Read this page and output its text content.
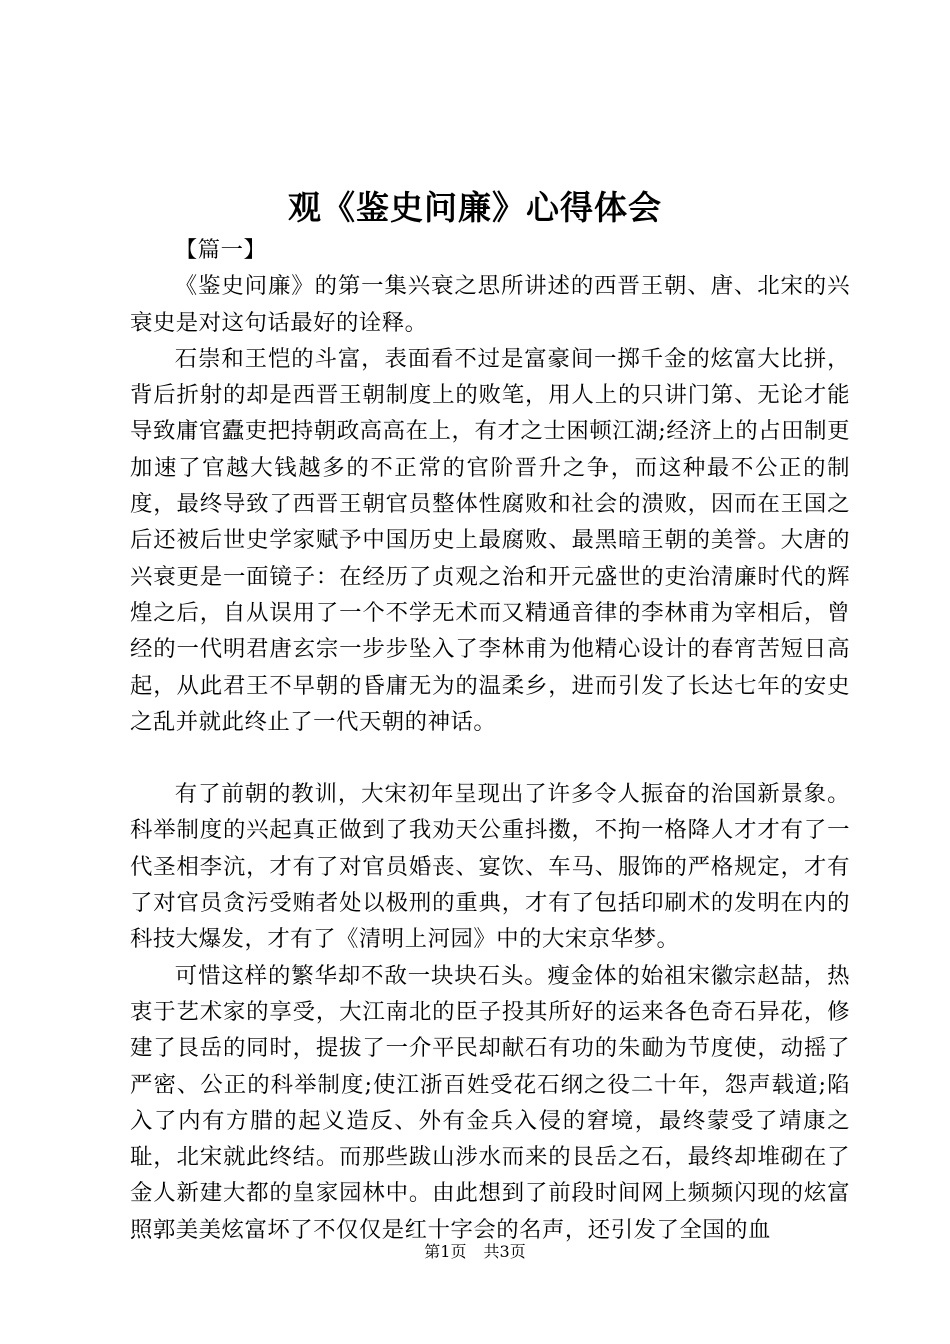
观《鉴史问廉》心得体会

【篇一】

《鉴史问廉》的第一集兴衰之思所讲述的西晋王朝、唐、北宋的兴衰史是对这句话最好的诠释。

石崇和王恺的斗富，表面看不过是富豪间一掷千金的炫富大比拼，背后折射的却是西晋王朝制度上的败笔，用人上的只讲门第、无论才能导致庸官蠹吏把持朝政高高在上，有才之士困顿江湖;经济上的占田制更加速了官越大钱越多的不正常的官阶晋升之争，而这种最不公正的制度，最终导致了西晋王朝官员整体性腐败和社会的溃败，因而在王国之后还被后世史学家赋予中国历史上最腐败、最黑暗王朝的美誉。大唐的兴衰更是一面镜子：在经历了贞观之治和开元盛世的吏治清廉时代的辉煌之后，自从误用了一个不学无术而又精通音律的李林甫为宰相后，曾经的一代明君唐玄宗一步步坠入了李林甫为他精心设计的春宵苦短日高起，从此君王不早朝的昏庸无为的温柔乡，进而引发了长达七年的安史之乱并就此终止了一代天朝的神话。

有了前朝的教训，大宋初年呈现出了许多令人振奋的治国新景象。科举制度的兴起真正做到了我劝天公重抖擞，不拘一格降人才才有了一代圣相李沆，才有了对官员婚丧、宴饮、车马、服饰的严格规定，才有了对官员贪污受贿者处以极刑的重典，才有了包括印刷术的发明在内的科技大爆发，才有了《清明上河园》中的大宋京华梦。

可惜这样的繁华却不敌一块块石头。瘦金体的始祖宋徽宗赵喆，热衷于艺术家的享受，大江南北的臣子投其所好的运来各色奇石异花，修建了艮岳的同时，提拔了一介平民却献石有功的朱勔为节度使，动摇了严密、公正的科举制度;使江浙百姓受花石纲之役二十年，怨声载道;陷入了内有方腊的起义造反、外有金兵入侵的窘境，最终蒙受了靖康之耻，北宋就此终结。而那些跋山涉水而来的艮岳之石，最终却堆砌在了金人新建大都的皇家园林中。由此想到了前段时间网上频频闪现的炫富照郭美美炫富坏了不仅仅是红十字会的名声，还引发了全国的血

第1页 共3页
